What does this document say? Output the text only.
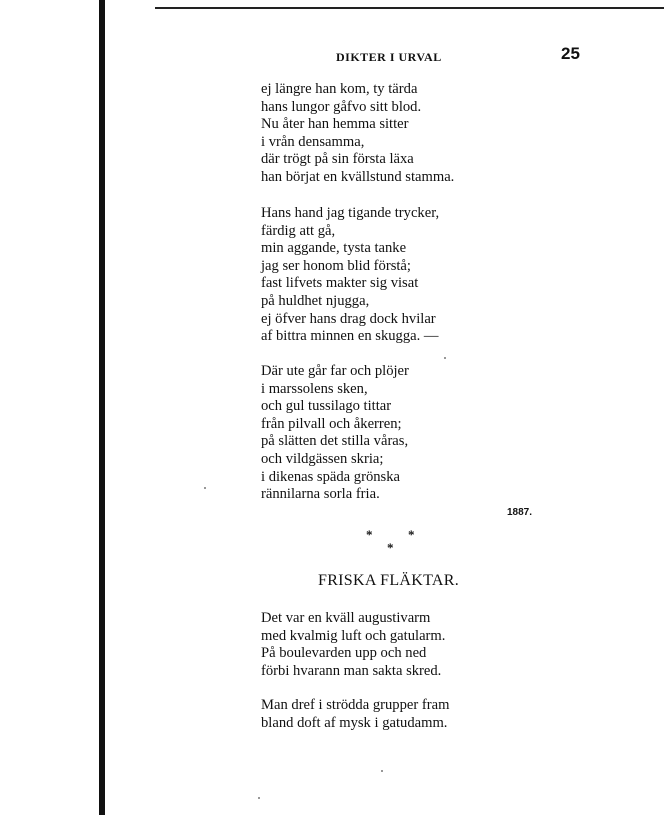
DIKTER I URVAL	25
ej längre han kom, ty tärda
hans lungor gåfvo sitt blod.
Nu åter han hemma sitter
i vrån densamma,
där trögt på sin första läxa
han börjat en kvällstund stamma.
Hans hand jag tigande trycker,
färdig att gå,
min aggande, tysta tanke
jag ser honom blid förstå;
fast lifvets makter sig visat
på huldhet njugga,
ej öfver hans drag dock hvilar
af bittra minnen en skugga. —
Där ute går far och plöjer
i marssolens sken,
och gul tussilago tittar
från pilvall och åkerren;
på slätten det stilla våras,
och vildgässen skria;
i dikenas späda grönska
rännilarna sorla fria.
1887.
*	*
*
FRISKA FLÄKTAR.
Det var en kväll augustivarm
med kvalmig luft och gatularm.
På boulevarden upp och ned
förbi hvarann man sakta skred.
Man dref i strödda grupper fram
bland doft af mysk i gatudamm.
